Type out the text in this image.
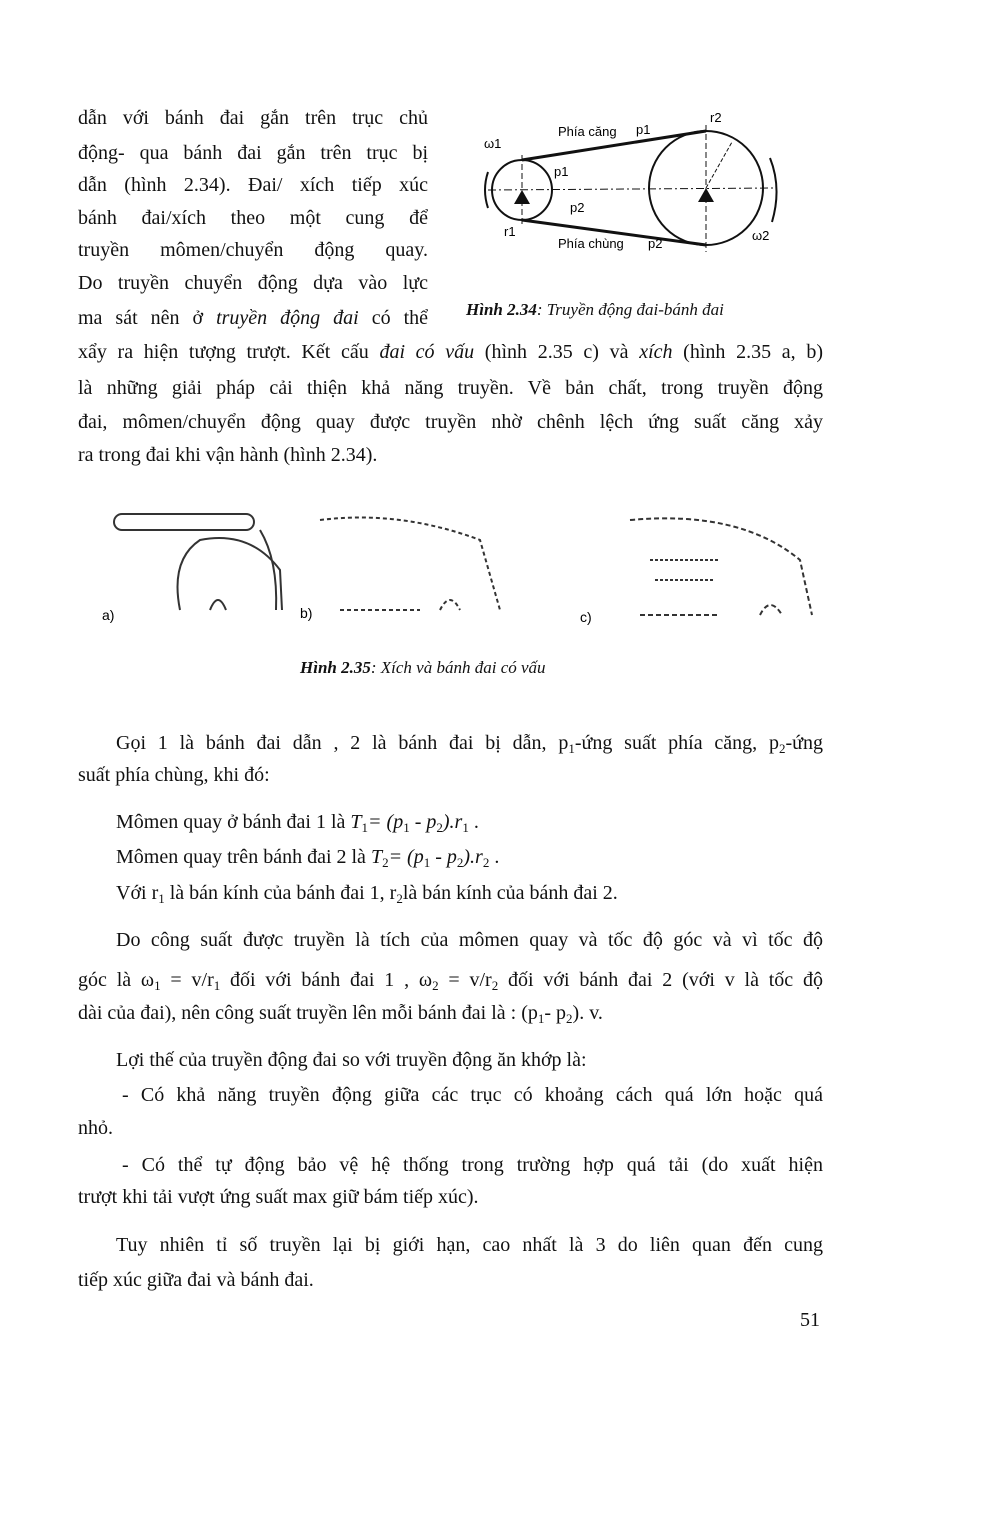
dẫn với bánh đai gắn trên trục chủ
động- qua bánh đai gắn trên trục bị
dẫn (hình 2.34). Đai/ xích tiếp xúc
bánh đai/xích theo một cung để
truyền mômen/chuyển động quay.
Do truyền chuyển động dựa vào lực
ma sát nên ở truyền động đai có thể
xẩy ra hiện tượng trượt. Kết cấu đai có vấu (hình 2.35 c) và xích (hình 2.35 a, b)
là những giải pháp cải thiện khả năng truyền. Về bản chất, trong truyền động
đai, mômen/chuyển động quay được truyền nhờ chênh lệch ứng suất căng xảy
ra trong đai khi vận hành (hình 2.34).
Gọi 1 là bánh đai dẫn , 2 là bánh đai bị dẫn, $p_1$-ứng suất phía căng, $p_2$-ứng
suất phía chùng, khi đó:
Mômen quay ở bánh đai 1 là $T_1= (p_1 - p_2).r_1$ .
Mômen quay trên bánh đai 2 là $T_2= (p_1 - p_2).r_2$ .
Với $r_1$ là bán kính của bánh đai 1, $r_2là$ bán kính của bánh đai 2.
Do công suất được truyền là tích của mômen quay và tốc độ góc và vì tốc độ
góc là $\omega_1 = v/r_1$ đối với bánh đai 1 , $\omega_2 = v/r_2$ đối với bánh đai 2 (với v là tốc độ
dài của đai), nên công suất truyền lên mỗi bánh đai là : ($p_1-$ $p_2$). v.
Lợi thế của truyền động đai so với truyền động ăn khớp là:
- Có khả năng truyền động giữa các trục có khoảng cách quá lớn hoặc quá
nhỏ.
- Có thể tự động bảo vệ hệ thống trong trường hợp quá tải (do xuất hiện
trượt khi tải vượt ứng suất max giữ bám tiếp xúc).
Tuy nhiên tỉ số truyền lại bị giới hạn, cao nhất là 3 do liên quan đến cung
tiếp xúc giữa đai và bánh đai.
Phía căng
Phía chùng
p1
p1
p2
p2
r1
r2
ω1
ω2
Hình 2.34: Truyền động đai-bánh đai
a)	b)	c)
Hình 2.35: Xích và bánh đai có vấu
51
